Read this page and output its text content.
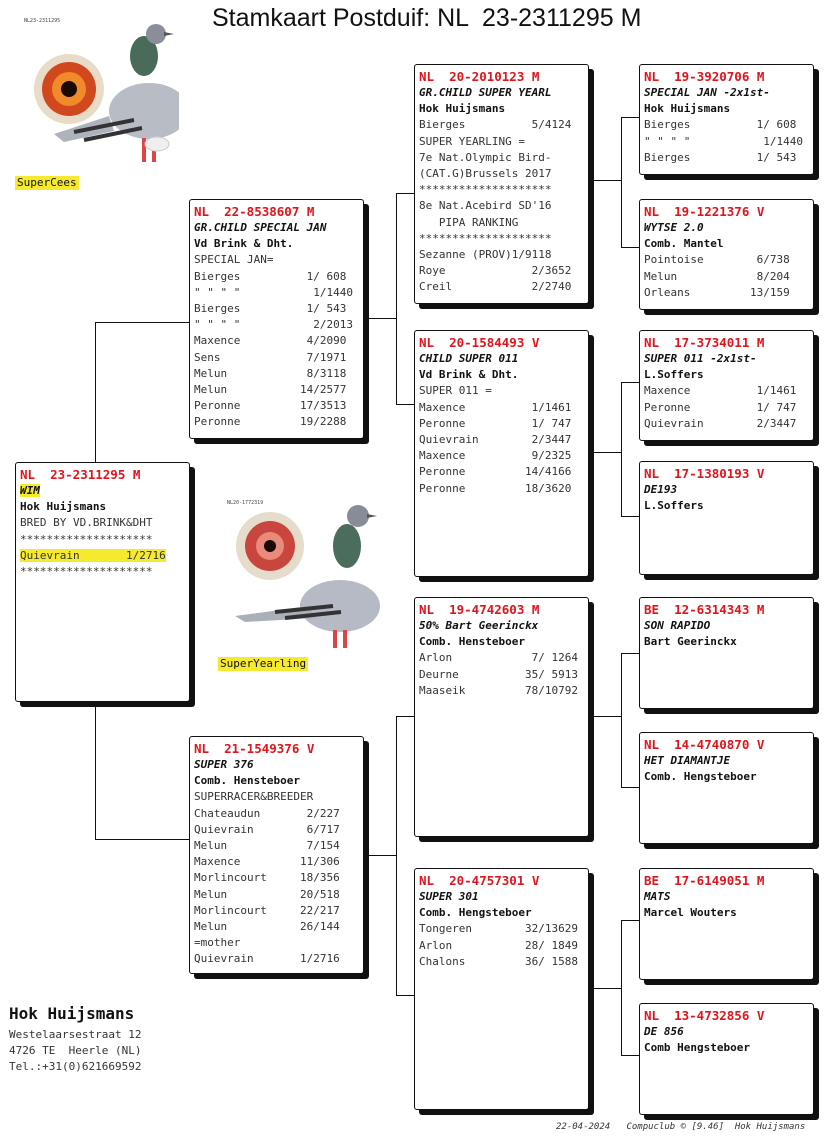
Stamkaart Postduif: NL  23-2311295 M
NL23-2311295
SuperCees
NL20-1772319
SuperYearling
NL  23-2311295 M
WIM
Hok Huijsmans
BRED BY VD.BRINK&DHT
********************
Quievrain       1/2716
********************
NL  22-8538607 M
GR.CHILD SPECIAL JAN
Vd Brink & Dht.
SPECIAL JAN=
Bierges          1/ 608
" " " "           1/1440
Bierges          1/ 543
" " " "           2/2013
Maxence          4/2090
Sens             7/1971
Melun            8/3118
Melun           14/2577
Peronne         17/3513
Peronne         19/2288
NL  21-1549376 V
SUPER 376
Comb. Hensteboer
SUPERRACER&BREEDER
Chateaudun       2/227
Quievrain        6/717
Melun            7/154
Maxence         11/306
Morlincourt     18/356
Melun           20/518
Morlincourt     22/217
Melun           26/144
=mother
Quievrain       1/2716
NL  20-2010123 M
GR.CHILD SUPER YEARL
Hok Huijsmans
Bierges          5/4124
SUPER YEARLING =
7e Nat.Olympic Bird-
(CAT.G)Brussels 2017
********************
8e Nat.Acebird SD'16
PIPA RANKING
********************
Sezanne (PROV)1/9118
Roye             2/3652
Creil            2/2740
NL  20-1584493 V
CHILD SUPER 011
Vd Brink & Dht.
SUPER 011 =
Maxence          1/1461
Peronne          1/ 747
Quievrain        2/3447
Maxence          9/2325
Peronne         14/4166
Peronne         18/3620
NL  19-4742603 M
50% Bart Geerinckx
Comb. Hensteboer
Arlon            7/ 1264
Deurne          35/ 5913
Maaseik         78/10792
NL  20-4757301 V
SUPER 301
Comb. Hengsteboer
Tongeren        32/13629
Arlon           28/ 1849
Chalons         36/ 1588
NL  19-3920706 M
SPECIAL JAN -2x1st-
Hok Huijsmans
Bierges          1/ 608
" " " "           1/1440
Bierges          1/ 543
NL  19-1221376 V
WYTSE 2.0
Comb. Mantel
Pointoise        6/738
Melun            8/204
Orleans         13/159
NL  17-3734011 M
SUPER 011 -2x1st-
L.Soffers
Maxence          1/1461
Peronne          1/ 747
Quievrain        2/3447
NL  17-1380193 V
DE193
L.Soffers
BE  12-6314343 M
SON RAPIDO
Bart Geerinckx
NL  14-4740870 V
HET DIAMANTJE
Comb. Hengsteboer
BE  17-6149051 M
MATS
Marcel Wouters
NL  13-4732856 V
DE 856
Comb Hengsteboer
Hok Huijsmans
Westelaarsestraat 12
4726 TE  Heerle (NL)
Tel.:+31(0)621669592
22-04-2024 Compuclub © [9.46]  Hok Huijsmans
